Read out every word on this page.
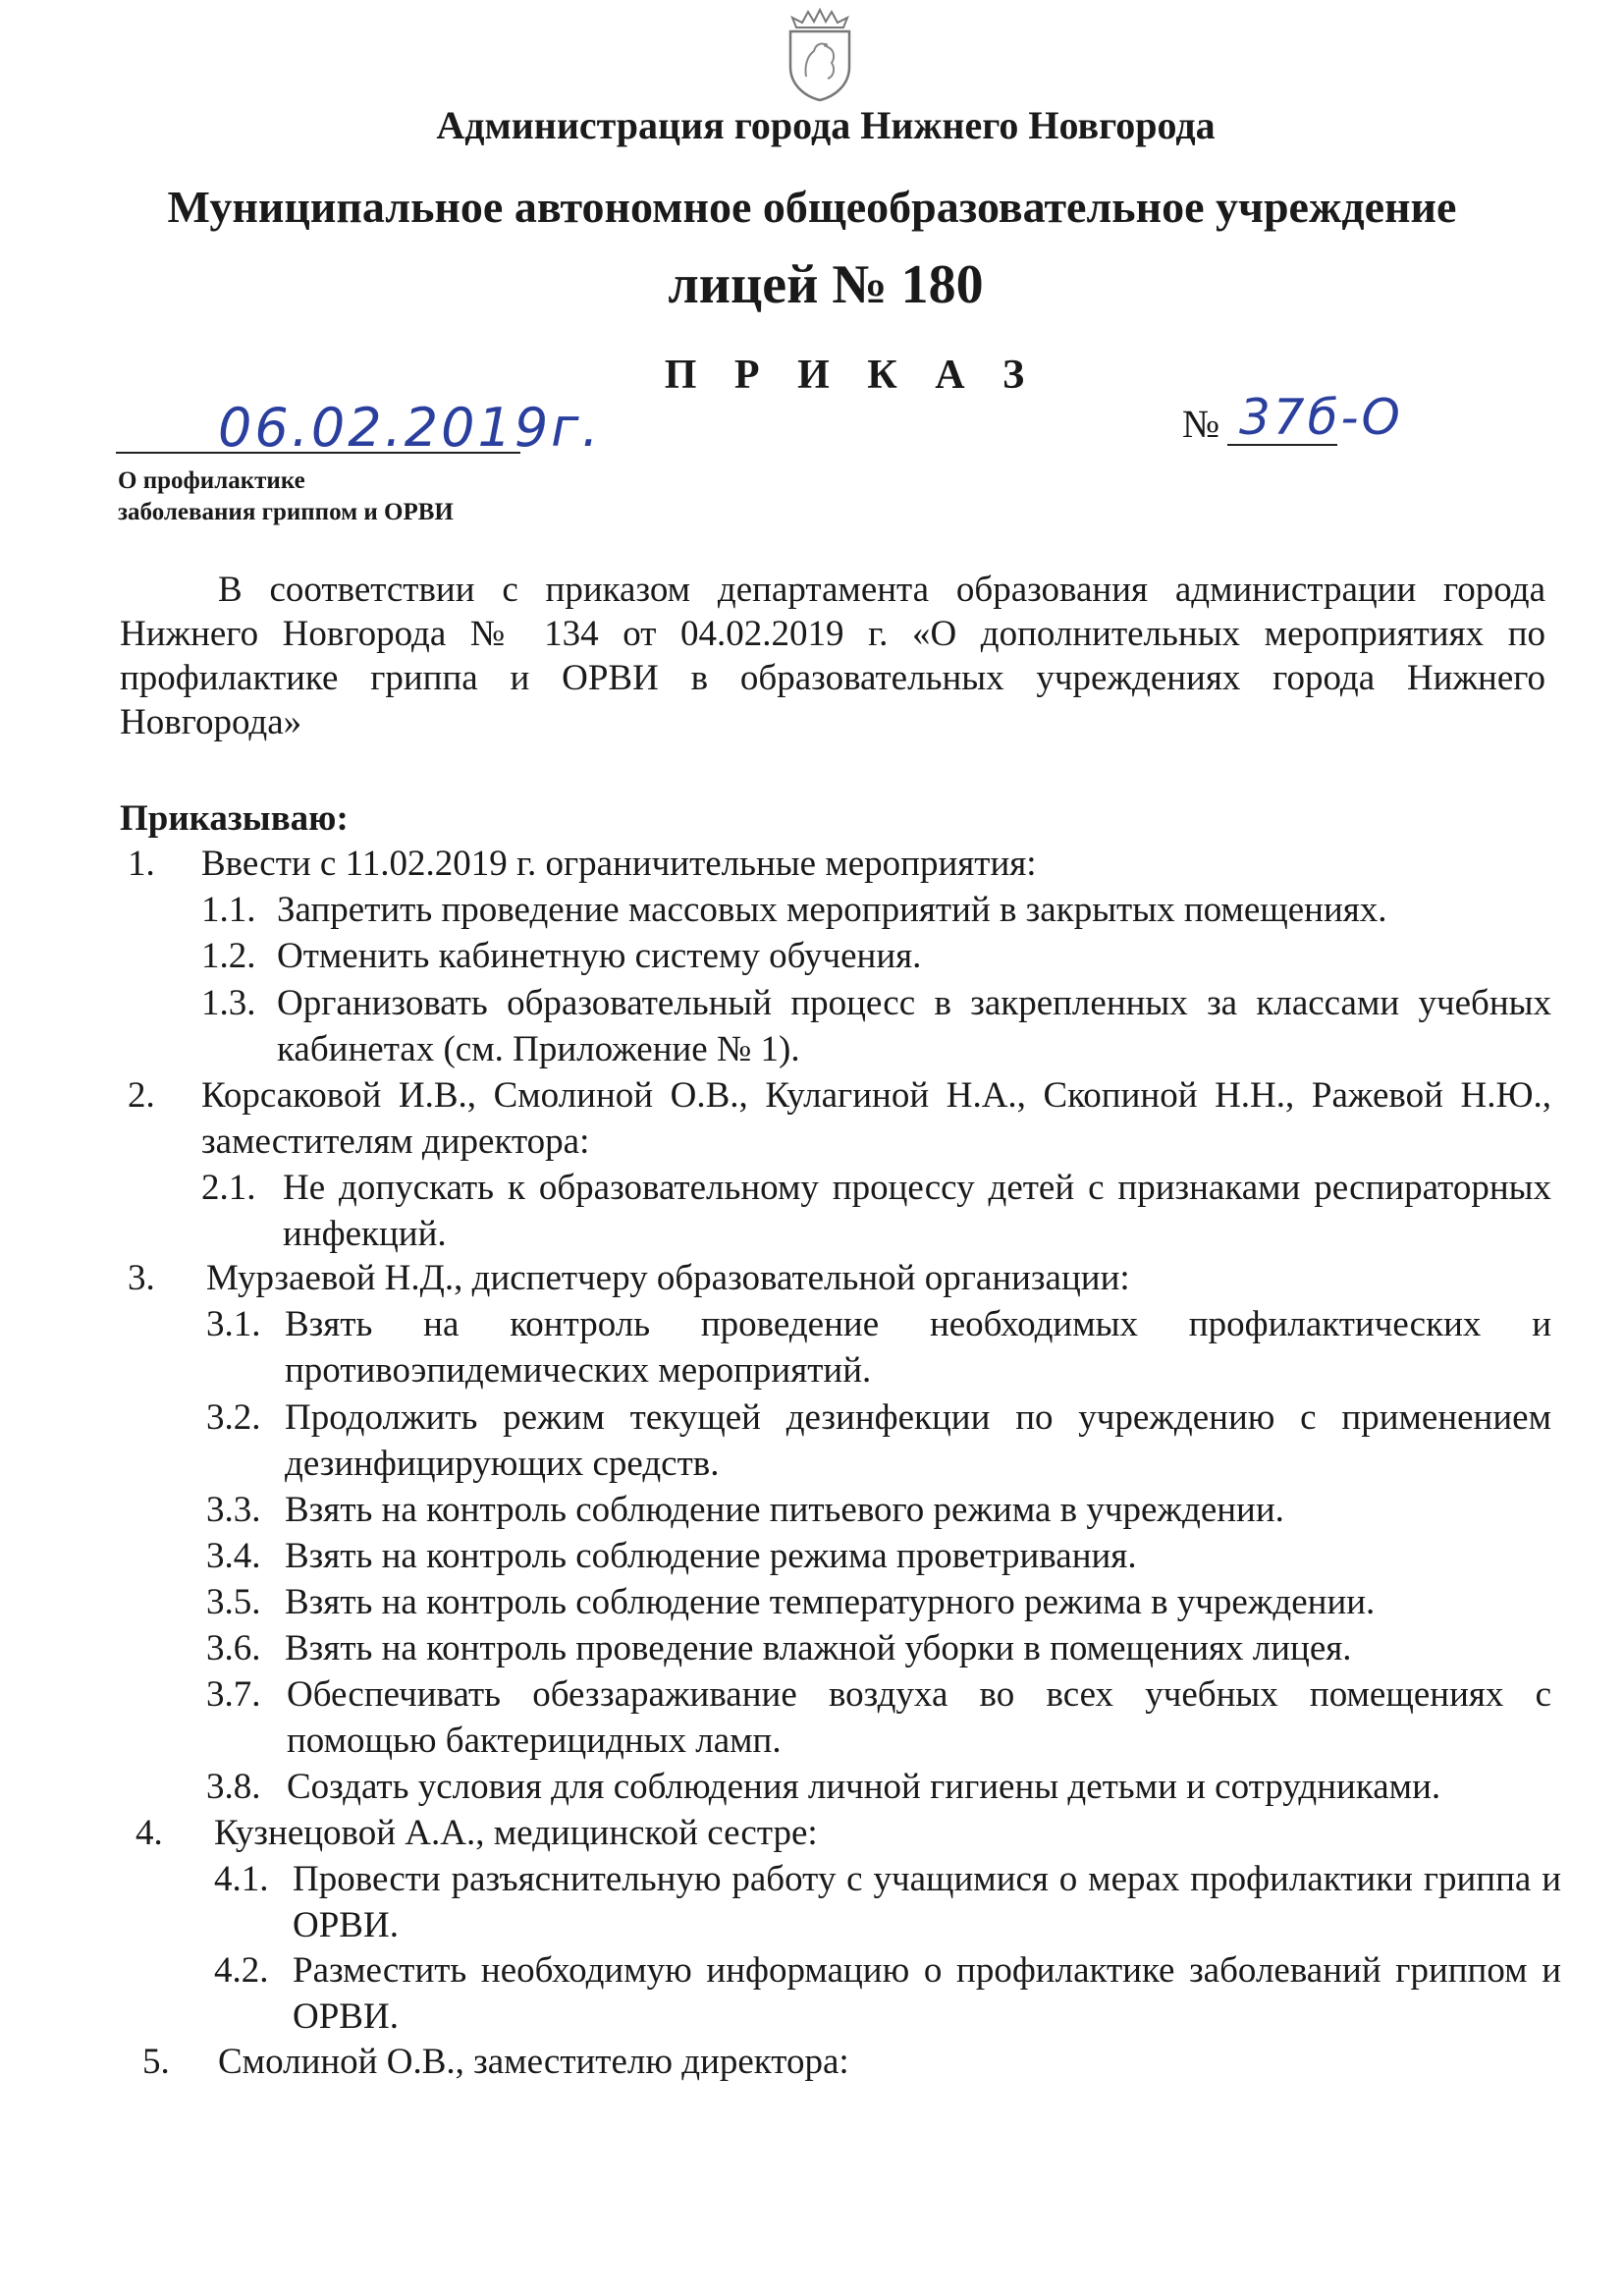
Администрация города Нижнего Новгорода
Муниципальное автономное общеобразовательное учреждение
лицей № 180
П Р И К А З
06.02.2019г.	№ 37б-О
О профилактике
заболевания гриппом и ОРВИ
В соответствии с приказом департамента образования администрации города Нижнего Новгорода № 134 от 04.02.2019 г. «О дополнительных мероприятиях по профилактике гриппа и ОРВИ в образовательных учреждениях города Нижнего Новгорода»
Приказываю:
1. Ввести с 11.02.2019 г. ограничительные мероприятия:
1.1. Запретить проведение массовых мероприятий в закрытых помещениях.
1.2. Отменить кабинетную систему обучения.
1.3. Организовать образовательный процесс в закрепленных за классами учебных кабинетах (см. Приложение № 1).
2. Корсаковой И.В., Смолиной О.В., Кулагиной Н.А., Скопиной Н.Н., Ражевой Н.Ю., заместителям директора:
2.1. Не допускать к образовательному процессу детей с признаками респираторных инфекций.
3. Мурзаевой Н.Д., диспетчеру образовательной организации:
3.1. Взять на контроль проведение необходимых профилактических и противоэпидемических мероприятий.
3.2. Продолжить режим текущей дезинфекции по учреждению с применением дезинфицирующих средств.
3.3. Взять на контроль соблюдение питьевого режима в учреждении.
3.4. Взять на контроль соблюдение режима проветривания.
3.5. Взять на контроль соблюдение температурного режима в учреждении.
3.6. Взять на контроль проведение влажной уборки в помещениях лицея.
3.7. Обеспечивать обеззараживание воздуха во всех учебных помещениях с помощью бактерицидных ламп.
3.8. Создать условия для соблюдения личной гигиены детьми и сотрудниками.
4. Кузнецовой А.А., медицинской сестре:
4.1. Провести разъяснительную работу с учащимися о мерах профилактики гриппа и ОРВИ.
4.2. Разместить необходимую информацию о профилактике заболеваний гриппом и ОРВИ.
5. Смолиной О.В., заместителю директора:
